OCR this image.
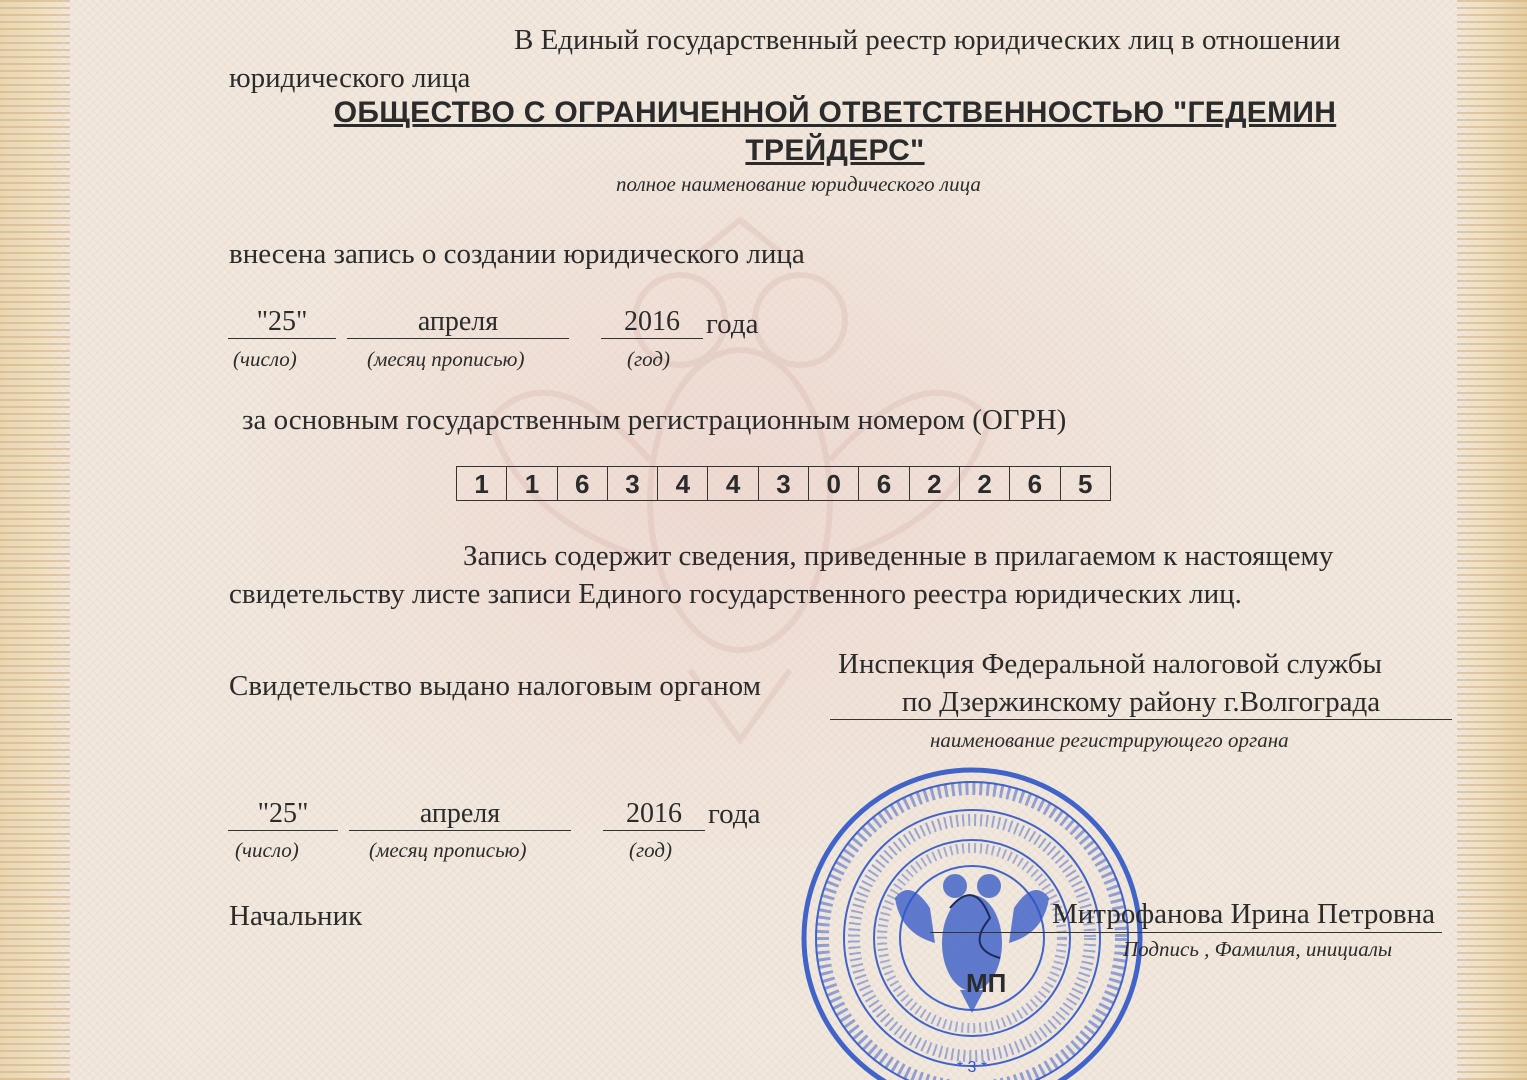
В Единый государственный реестр юридических лиц в отношении
юридического лица
ОБЩЕСТВО С ОГРАНИЧЕННОЙ ОТВЕТСТВЕННОСТЬЮ "ГЕДЕМИН
ТРЕЙДЕРС"
полное наименование юридического лица
внесена запись о создании юридического лица
"25"	апреля	2016 года
(число)	(месяц прописью)	(год)
за основным государственным регистрационным номером (ОГРН)
1	1	6	3	4	4	3	0	6	2	2	6	5
Запись содержит сведения, приведенные в прилагаемом к настоящему
свидетельству листе записи Единого государственного реестра юридических лиц.
Свидетельство выдано налоговым органом
Инспекция Федеральной налоговой службы
по Дзержинскому району г.Волгограда
наименование регистрирующего органа
"25"	апреля	2016 года
(число)	(месяц прописью)	(год)
Начальник
* 3 *
Митрофанова Ирина Петровна
Подпись , Фамилия, инициалы
МП
